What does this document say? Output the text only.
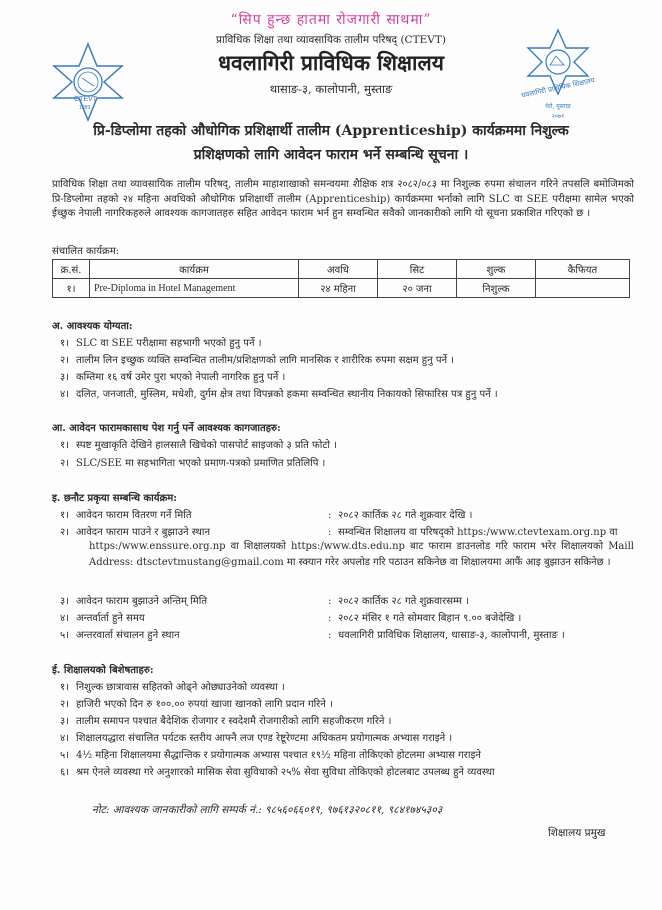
CTEVT
1989
“सिप हुन्छ हातमा रोजगारी साथमा”
प्राविधिक शिक्षा तथा व्यावसायिक तालीम परिषद् (CTEVT)
धवलागिरी प्राविधिक शिक्षालय
थासाङ-३, कालोपानी, मुस्ताङ	धवलागिरी प्राविधिक शिक्षालय
थेते, मुस्ताङ
२०७१
प्रि-डिप्लोमा तहको औधोगिक प्रशिक्षार्थी तालीम (Apprenticeship) कार्यक्रममा निशुल्क
प्रशिक्षणको लागि आवेदन फाराम भर्ने सम्बन्धि सूचना ।
प्राविधिक शिक्षा तथा व्यावसायिक तालीम परिषद्, तालीम माहाशाखाको समन्वयमा शैक्षिक शत्र २०८२/०८३ मा निशुल्क रुपमा संचालन गरिने तपसलि बमोजिमको प्रि-डिप्लोमा तहको २४ महिना अवधिको औधोगिक प्रशिक्षार्थी तालीम (Apprenticeship) कार्यक्रममा भर्नाको लागि SLC वा SEE परीक्षमा सामेल भएको ईच्छुक नेपाली नागरिकहरुले आवश्यक कागजातहरु सहित आवेदन फाराम भर्न हुन सम्वन्धित सवैको जानकारीको लागि यो सूचना प्रकाशित गरिएको छ ।
संचालित कार्यक्रम:
क्र.सं.	कार्यक्रम	अवधि	सिट	शुल्क	कैफियत
१।	Pre-Diploma in Hotel Management	२४ महिना	२० जना	निशुल्क	
अ. आवश्यक योग्यता:
१। SLC वा SEE परीक्षामा सहभागी भएको हुनु पर्ने ।
२। तालीम लिन इच्छुक व्यक्ति सम्वन्धित तालीम/प्रशिक्षणको लागि मानसिक र शारीरिक रुपमा सक्षम हुनु पर्ने ।
३। कम्तिमा १६ वर्ष उमेर पुरा भएको नेपाली नागरिक हुनु पर्ने ।
४। दलित, जनजाती, मुस्लिम, मधेशी, दुर्गम क्षेत्र तथा विपन्नको हकमा सम्वन्धित स्थानीय निकायको सिफारिस पत्र हुनु पर्ने ।
आ. आवेदन फारामकासाथ पेश गर्नु पर्ने आवश्यक कागजातहरु:
१। स्पष्ट मुखाकृति देखिने हालसालै खिचेको पासपोर्ट साइजको ३ प्रति फोटो ।
२। SLC/SEE मा सहभागिता भएको प्रमाण-पत्रको प्रमाणित प्रतिलिपि ।
इ. छनौट प्रकृया सम्बन्धि कार्यक्रम:
१। आवेदन फाराम वितरण गर्ने मिति	: २०८२ कार्तिक २८ गते शुक्रवार देखि ।
२। आवेदन फाराम पाउने र बुझाउने स्थान	: सम्वन्धित शिक्षालय वा परिषद्को https:/www.ctevtexam.org.np वा
https:/www.enssure.org.np वा शिक्षालयको https:/www.dts.edu.np बाट फाराम डाउनलोड गरि फाराम भरेर शिक्षालयको Maill Address: dtsctevtmustang@gmail.com मा स्क्यान गरेर अपलोड गरि पठाउन सकिनेछ वा शिक्षालयमा आफैं आइ बुझाउन सकिनेछ ।
३। आवेदन फाराम बुझाउने अन्तिम् मिति	: २०८२ कार्तिक २८ गते शुक्रवारसम्म ।
४। अन्तर्वार्ता हुने समय	: २०८२ मंसिर १ गते सोमवार बिहान ९.०० बजेदेखि ।
५। अन्तरवार्ता संचालन हुने स्थान	: धवलागिरी प्राविधिक शिक्षालय, थासाङ-३, कालोपानी, मुस्ताङ ।
ई. शिक्षालयको बिशेषताहरु:
१। निशुल्क छात्रावास सहितको ओढ्ने ओछ्याउनेको व्यवस्था ।
२। हाजिरी भएको दिन रु १००.०० रुपयां खाजा खानको लागि प्रदान गरिने ।
३। तालीम समापन पश्चात बैदेशिक रोजगार र स्वदेशमै रोजगारीको लागि सहजीकरण गरिने ।
४। शिक्षालयद्धारा संचालित पर्यटक स्तरीय आफ्नै लज एण्ड रेष्टूरेण्टमा अधिकतम प्रयोगात्मक अभ्यास गराइने ।
५। 4½ महिना शिक्षालयमा सैद्धान्तिक र प्रयोगात्मक अभ्यास पश्चात १९½ महिना तोकिएको होटलमा अभ्यास गराइने
६। श्रम ऐनले व्यवस्था गरे अनुशारको मासिक सेवा सुविधाको २५% सेवा सुविधा तोकिएको होटलबाट उपलब्ध हुने व्यवस्था
नोट: आवश्यक जानकारीको लागि सम्पर्क नं.: ९८५६०६६०१९, ९७६१३२०८११, ९८४१७४५३०३
शिक्षालय प्रमुख
